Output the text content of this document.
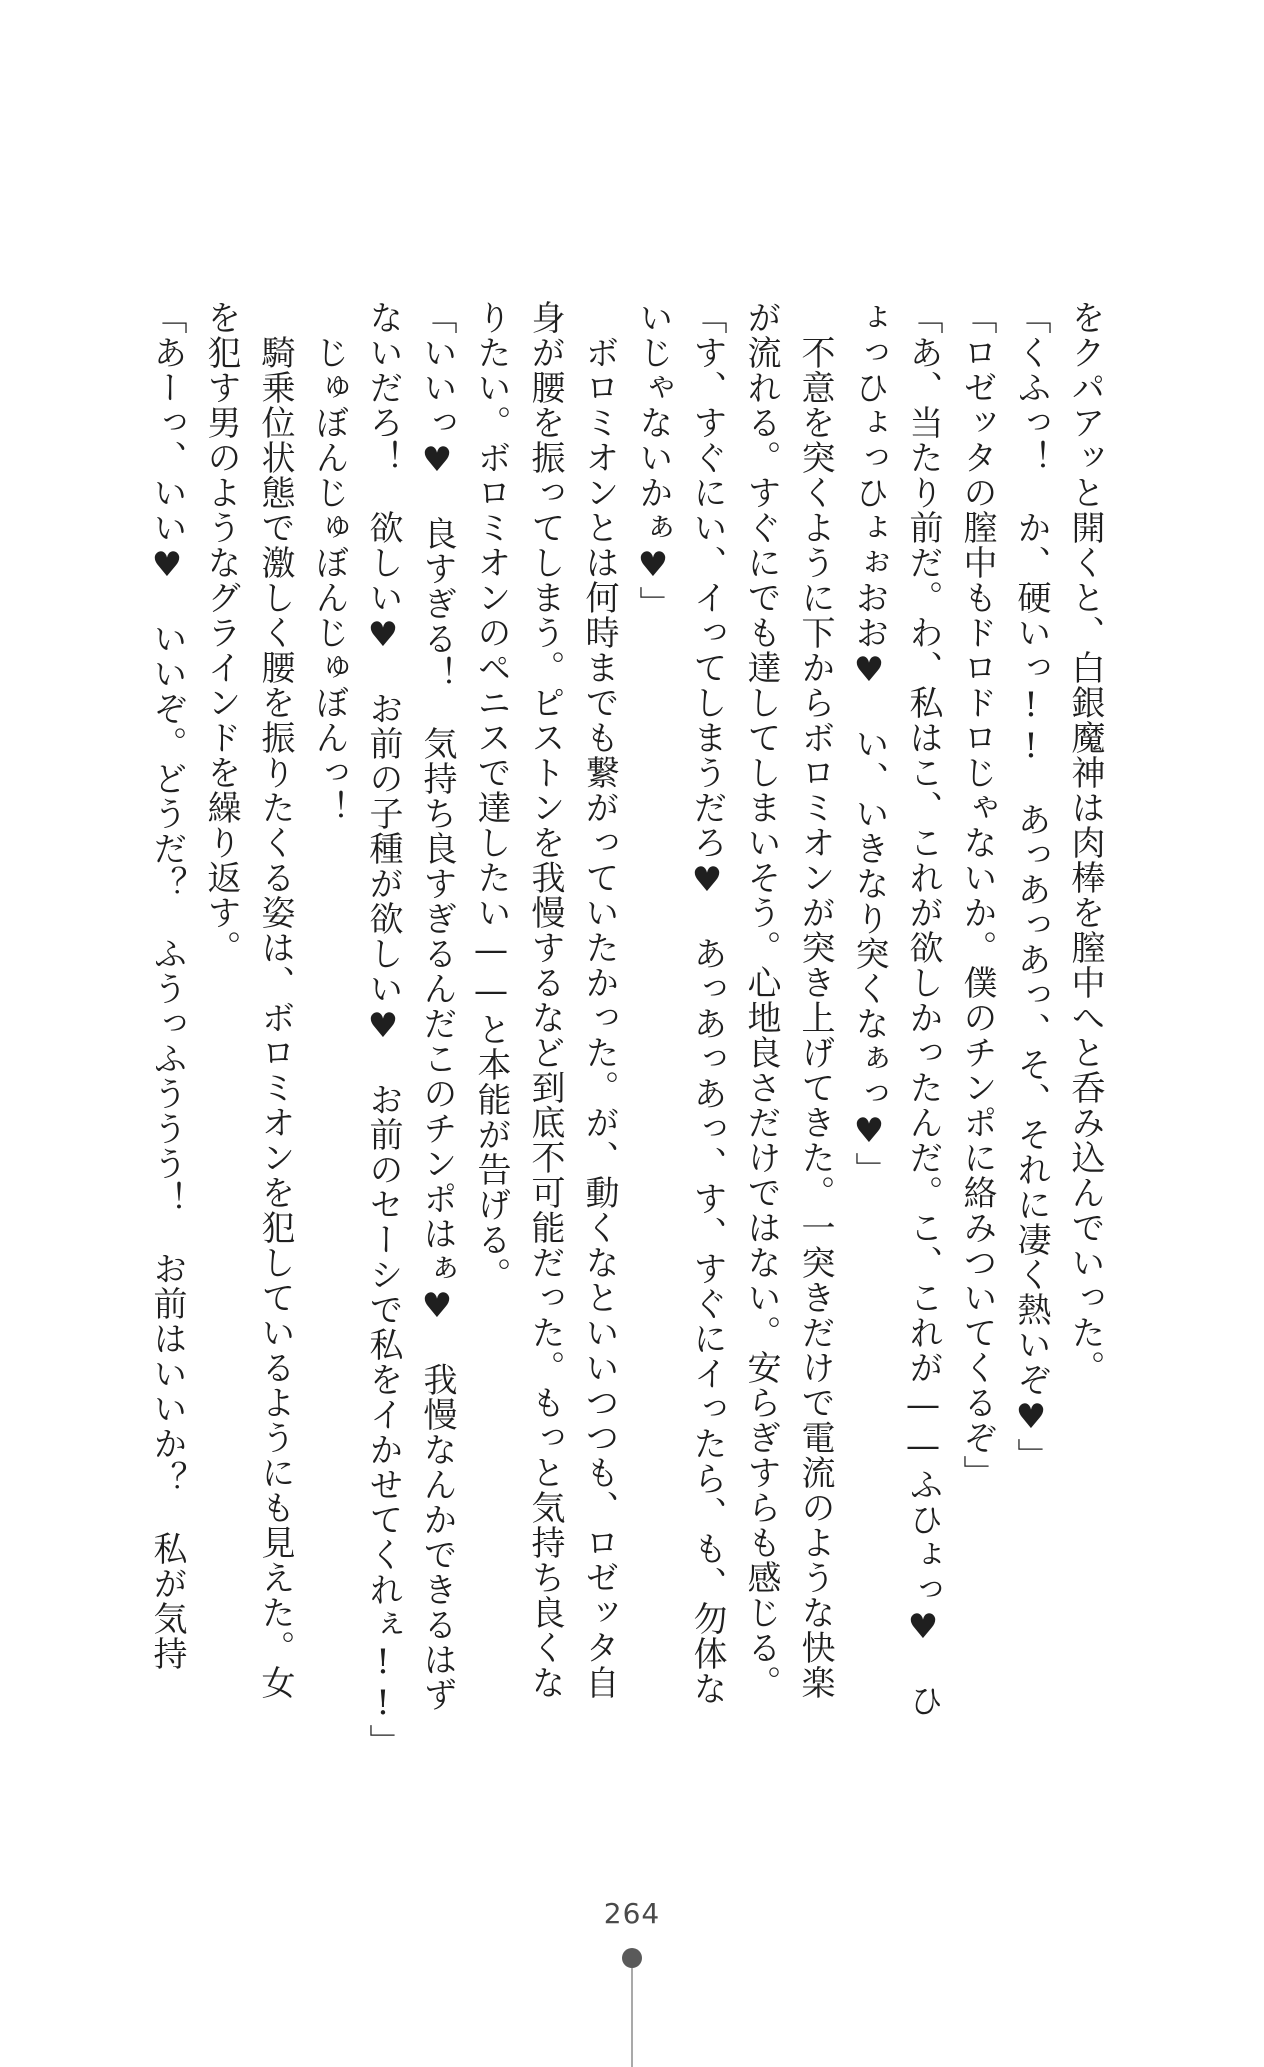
をクパアッと開くと、白銀魔神は肉棒を膣中へと呑み込んでいった。
「くふっ！　か、硬いっ!!　あっあっあっ、そ、それに凄く熱いぞ♥」
「ロゼッタの膣中もドロドロじゃないか。僕のチンポに絡みついてくるぞ」
「あ、当たり前だ。わ、私はこ、これが欲しかったんだ。こ、これが——ふひょっ♥　ひ
ょっひょっひょぉおお♥　い、いきなり突くなぁっ♥」
　不意を突くように下からボロミオンが突き上げてきた。一突きだけで電流のような快楽
が流れる。すぐにでも達してしまいそう。心地良さだけではない。安らぎすらも感じる。
「す、すぐにい、イってしまうだろ♥　あっあっあっ、す、すぐにイったら、も、勿体な
いじゃないかぁ♥」
　ボロミオンとは何時までも繋がっていたかった。が、動くなといいつつも、ロゼッタ自
身が腰を振ってしまう。ピストンを我慢するなど到底不可能だった。もっと気持ち良くな
りたい。ボロミオンのペニスで達したい——と本能が告げる。
「いいっ♥　良すぎる！　気持ち良すぎるんだこのチンポはぁ♥　我慢なんかできるはず
ないだろ！　欲しい♥　お前の子種が欲しい♥　お前のセーシで私をイかせてくれぇ!!」
　じゅぼんじゅぼんじゅぼんっ！
　騎乗位状態で激しく腰を振りたくる姿は、ボロミオンを犯しているようにも見えた。女
を犯す男のようなグラインドを繰り返す。
「あーっ、いい♥　いいぞ。どうだ？　ふうっふううう！　お前はいいか？　私が気持
264
